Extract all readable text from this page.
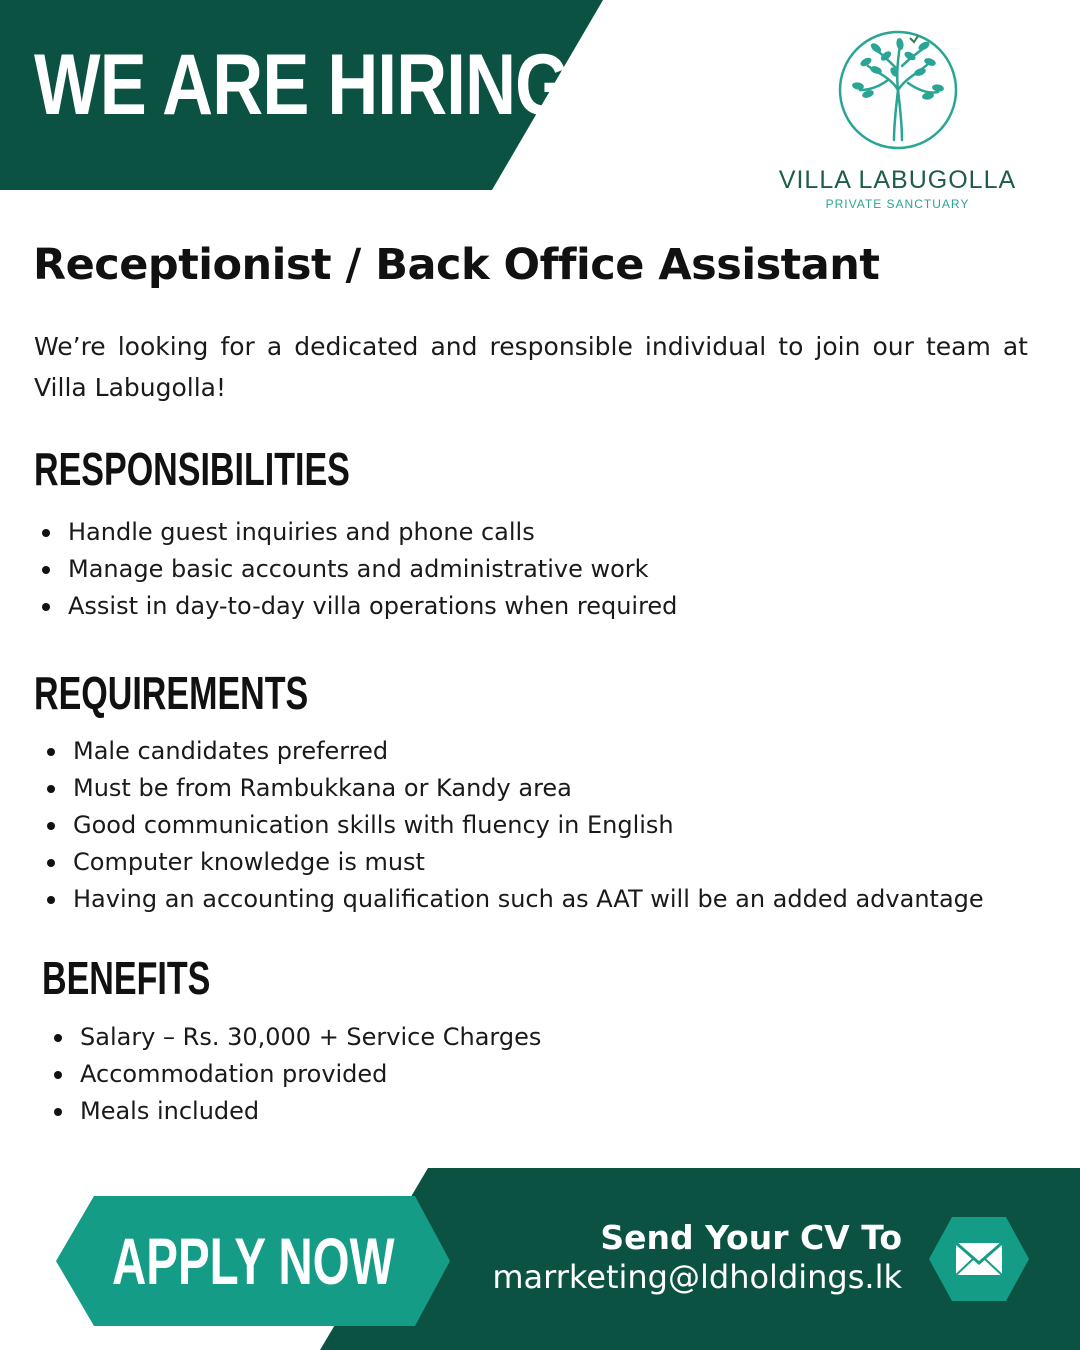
WE ARE HIRING
VILLA LABUGOLLA
PRIVATE SANCTUARY
Receptionist / Back Office Assistant
We’re looking for a dedicated and responsible individual to join our team at Villa Labugolla!
RESPONSIBILITIES
Handle guest inquiries and phone calls
Manage basic accounts and administrative work
Assist in day-to-day villa operations when required
REQUIREMENTS
Male candidates preferred
Must be from Rambukkana or Kandy area
Good communication skills with fluency in English
Computer knowledge is must
Having an accounting qualification such as AAT will be an added advantage
BENEFITS
Salary – Rs. 30,000 + Service Charges
Accommodation provided
Meals included
APPLY NOW	Send Your CV To
marrketing@ldholdings.lk
